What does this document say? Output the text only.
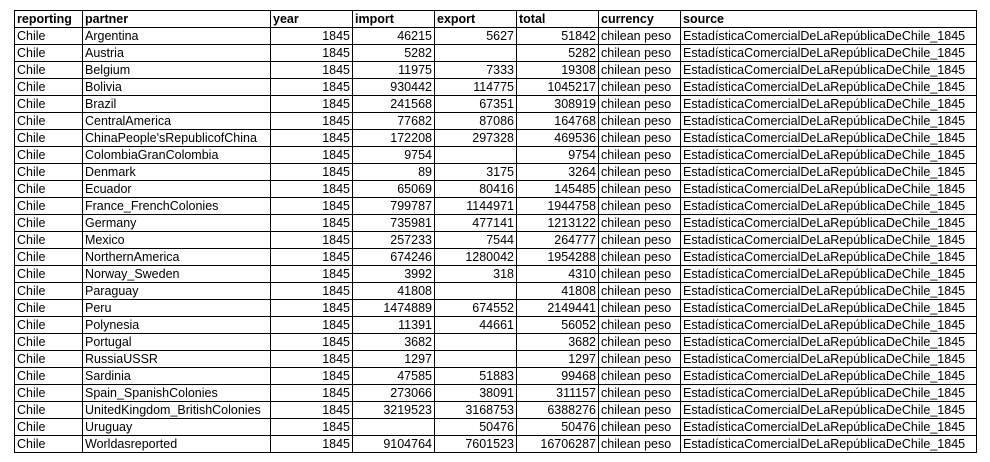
reporting	partner	year	import	export	total	currency	source
Chile	Argentina	1845	46215	5627	51842	chilean peso	EstadísticaComercialDeLaRepúblicaDeChile_1845
Chile	Austria	1845	5282		5282	chilean peso	EstadísticaComercialDeLaRepúblicaDeChile_1845
Chile	Belgium	1845	11975	7333	19308	chilean peso	EstadísticaComercialDeLaRepúblicaDeChile_1845
Chile	Bolivia	1845	930442	114775	1045217	chilean peso	EstadísticaComercialDeLaRepúblicaDeChile_1845
Chile	Brazil	1845	241568	67351	308919	chilean peso	EstadísticaComercialDeLaRepúblicaDeChile_1845
Chile	CentralAmerica	1845	77682	87086	164768	chilean peso	EstadísticaComercialDeLaRepúblicaDeChile_1845
Chile	ChinaPeople'sRepublicofChina	1845	172208	297328	469536	chilean peso	EstadísticaComercialDeLaRepúblicaDeChile_1845
Chile	ColombiaGranColombia	1845	9754		9754	chilean peso	EstadísticaComercialDeLaRepúblicaDeChile_1845
Chile	Denmark	1845	89	3175	3264	chilean peso	EstadísticaComercialDeLaRepúblicaDeChile_1845
Chile	Ecuador	1845	65069	80416	145485	chilean peso	EstadísticaComercialDeLaRepúblicaDeChile_1845
Chile	France_FrenchColonies	1845	799787	1144971	1944758	chilean peso	EstadísticaComercialDeLaRepúblicaDeChile_1845
Chile	Germany	1845	735981	477141	1213122	chilean peso	EstadísticaComercialDeLaRepúblicaDeChile_1845
Chile	Mexico	1845	257233	7544	264777	chilean peso	EstadísticaComercialDeLaRepúblicaDeChile_1845
Chile	NorthernAmerica	1845	674246	1280042	1954288	chilean peso	EstadísticaComercialDeLaRepúblicaDeChile_1845
Chile	Norway_Sweden	1845	3992	318	4310	chilean peso	EstadísticaComercialDeLaRepúblicaDeChile_1845
Chile	Paraguay	1845	41808		41808	chilean peso	EstadísticaComercialDeLaRepúblicaDeChile_1845
Chile	Peru	1845	1474889	674552	2149441	chilean peso	EstadísticaComercialDeLaRepúblicaDeChile_1845
Chile	Polynesia	1845	11391	44661	56052	chilean peso	EstadísticaComercialDeLaRepúblicaDeChile_1845
Chile	Portugal	1845	3682		3682	chilean peso	EstadísticaComercialDeLaRepúblicaDeChile_1845
Chile	RussiaUSSR	1845	1297		1297	chilean peso	EstadísticaComercialDeLaRepúblicaDeChile_1845
Chile	Sardinia	1845	47585	51883	99468	chilean peso	EstadísticaComercialDeLaRepúblicaDeChile_1845
Chile	Spain_SpanishColonies	1845	273066	38091	311157	chilean peso	EstadísticaComercialDeLaRepúblicaDeChile_1845
Chile	UnitedKingdom_BritishColonies	1845	3219523	3168753	6388276	chilean peso	EstadísticaComercialDeLaRepúblicaDeChile_1845
Chile	Uruguay	1845		50476	50476	chilean peso	EstadísticaComercialDeLaRepúblicaDeChile_1845
Chile	Worldasreported	1845	9104764	7601523	16706287	chilean peso	EstadísticaComercialDeLaRepúblicaDeChile_1845
